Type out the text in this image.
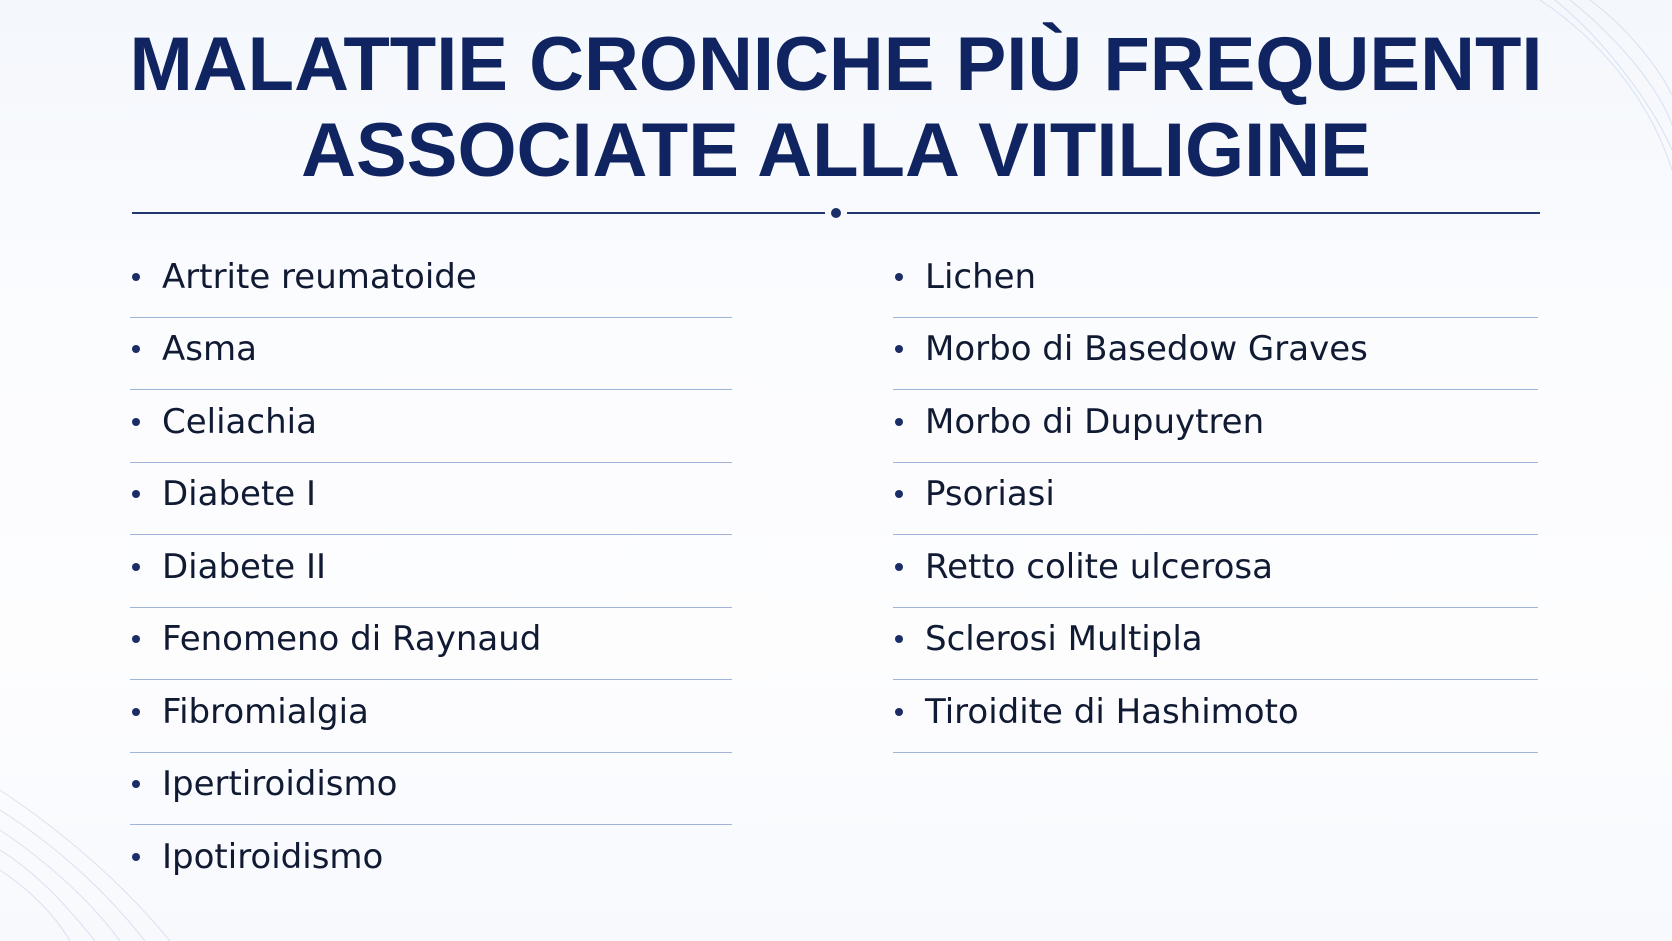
MALATTIE CRONICHE PIÙ FREQUENTI
ASSOCIATE ALLA VITILIGINE
Artrite reumatoide
Asma
Celiachia
Diabete I
Diabete II
Fenomeno di Raynaud
Fibromialgia
Ipertiroidismo
Ipotiroidismo
Lichen
Morbo di Basedow Graves
Morbo di Dupuytren
Psoriasi
Retto colite ulcerosa
Sclerosi Multipla
Tiroidite di Hashimoto
